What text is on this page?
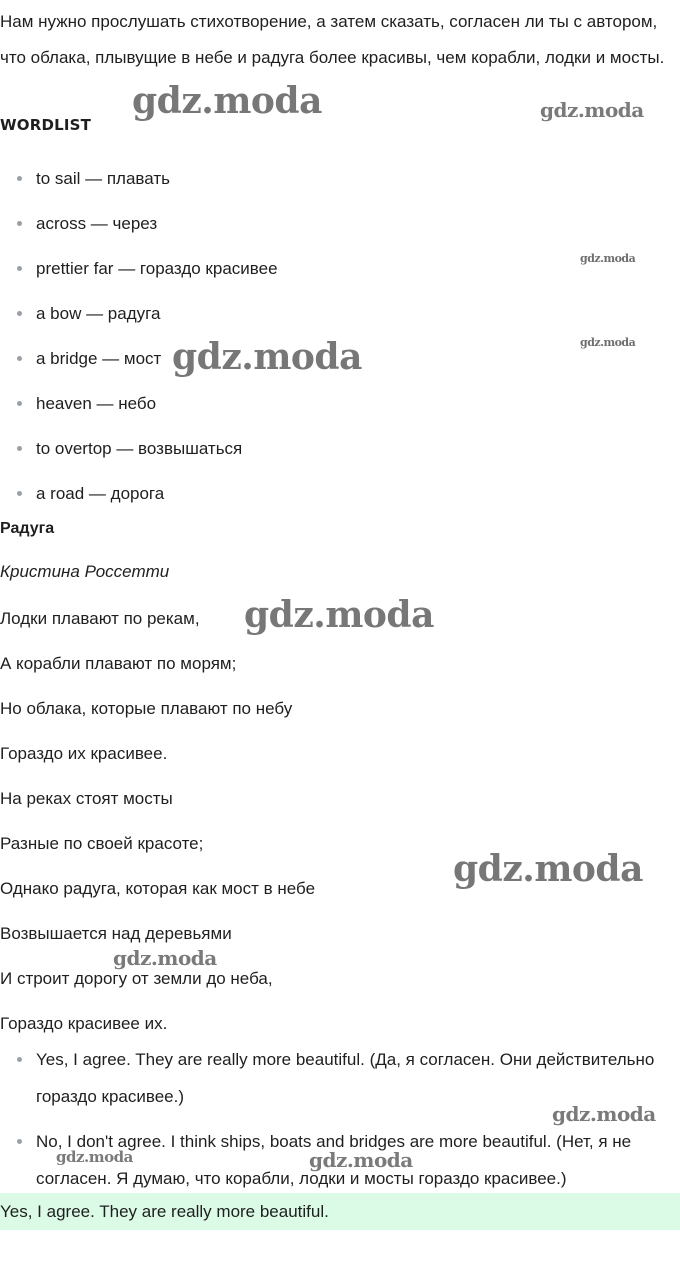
Нам нужно прослушать стихотворение, а затем сказать, согласен ли ты с автором, что облака, плывущие в небе и радуга более красивы, чем корабли, лодки и мосты.

WORDLIST

to sail — плавать
across — через
prettier far — гораздо красивее
a bow — радуга
a bridge — мост
heaven — небо
to overtop — возвышаться
a road — дорога

Радуга

Кристина Россетти

Лодки плавают по рекам,
А корабли плавают по морям;
Но облака, которые плавают по небу
Гораздо их красивее.
На реках стоят мосты
Разные по своей красоте;
Однако радуга, которая как мост в небе
Возвышается над деревьями
И строит дорогу от земли до неба,
Гораздо красивее их.
Yes, I agree. They are really more beautiful. (Да, я согласен. Они действительно гораздо красивее.)
No, I don't agree. I think ships, boats and bridges are more beautiful. (Нет, я не согласен. Я думаю, что корабли, лодки и мосты гораздо красивее.)
Yes, I agree. They are really more beautiful.
gdz.moda	gdz.moda
gdz.moda
gdz.moda
gdz.moda
gdz.moda
gdz.moda
gdz.moda
gdz.moda
gdz.moda	gdz.moda
